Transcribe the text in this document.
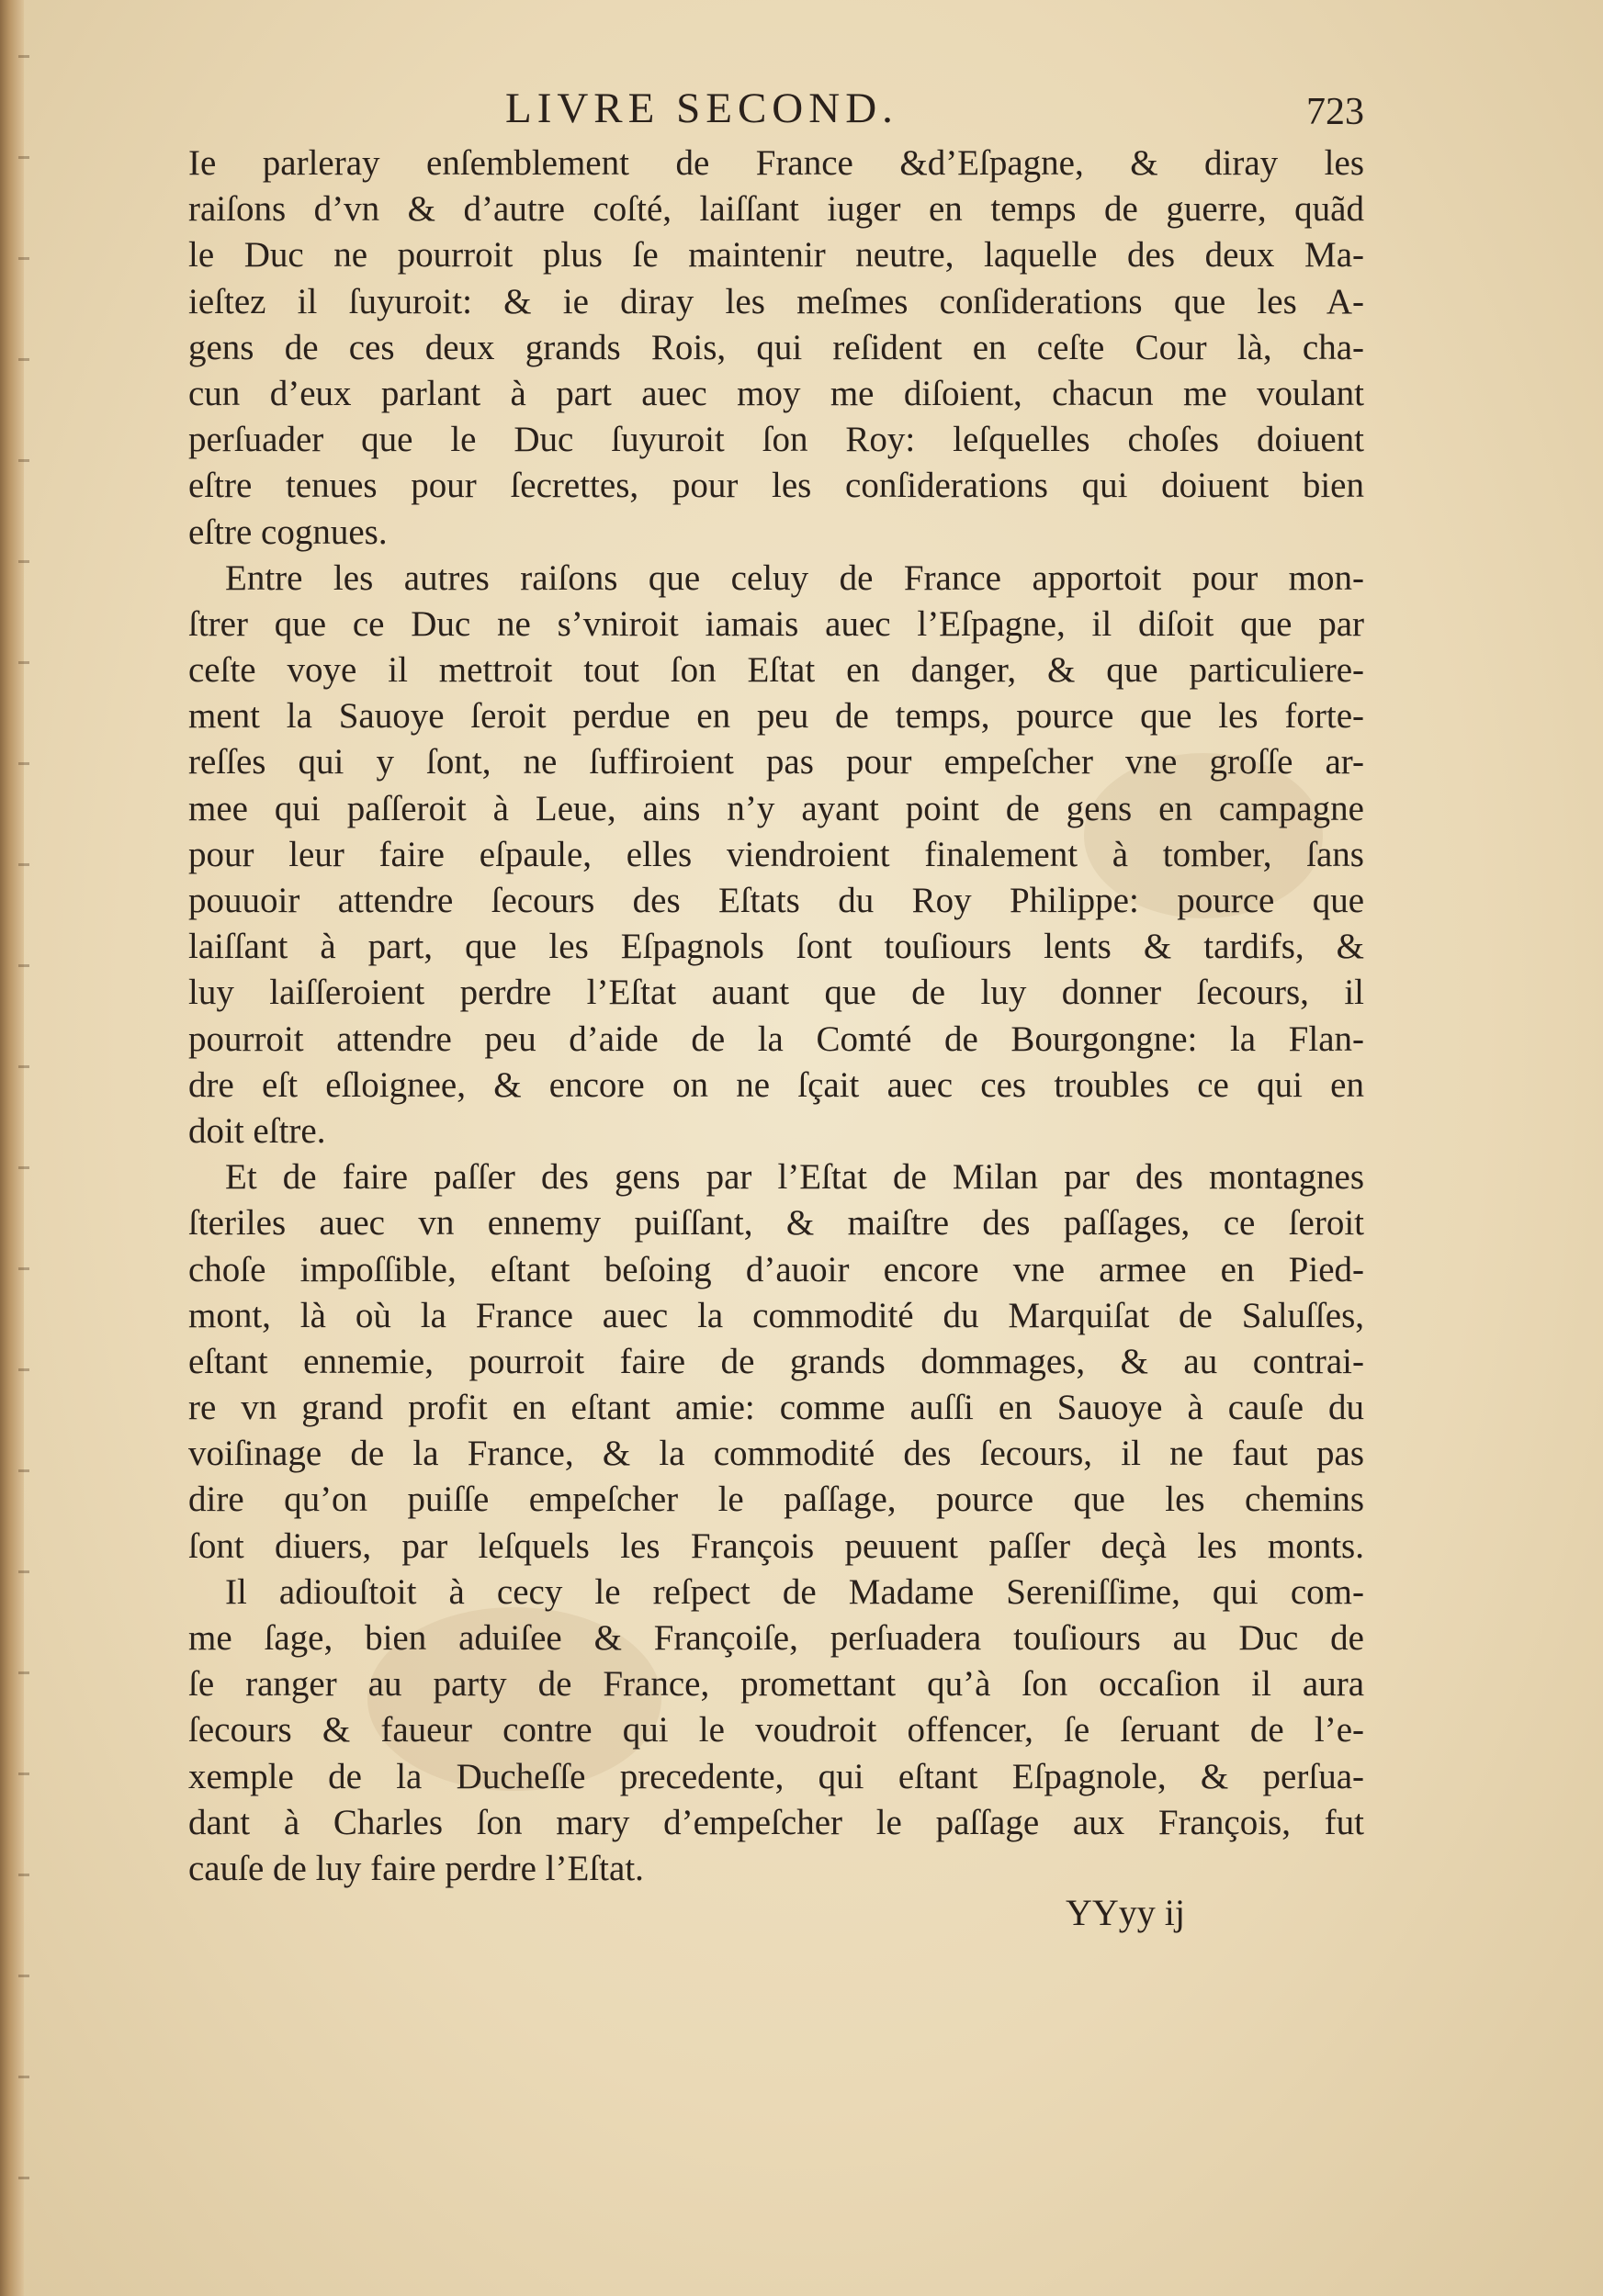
LIVRE SECOND.	723
Ie parleray enſemblement de France &d’Eſpagne, & diray les
raiſons d’vn & d’autre coſté, laiſſant iuger en temps de guerre, quãd
le Duc ne pourroit plus ſe maintenir neutre, laquelle des deux Ma-
ieſtez il ſuyuroit: & ie diray les meſmes conſiderations que les A-
gens de ces deux grands Rois, qui reſident en ceſte Cour là, cha-
cun d’eux parlant à part auec moy me diſoient, chacun me voulant
perſuader que le Duc ſuyuroit ſon Roy: leſquelles choſes doiuent
eſtre tenues pour ſecrettes, pour les conſiderations qui doiuent bien
eſtre cognues.
Entre les autres raiſons que celuy de France apportoit pour mon-
ſtrer que ce Duc ne s’vniroit iamais auec l’Eſpagne, il diſoit que par
ceſte voye il mettroit tout ſon Eſtat en danger, & que particuliere-
ment la Sauoye ſeroit perdue en peu de temps, pource que les forte-
reſſes qui y ſont, ne ſuffiroient pas pour empeſcher vne groſſe ar-
mee qui paſſeroit à Leue, ains n’y ayant point de gens en campagne
pour leur faire eſpaule, elles viendroient finalement à tomber, ſans
pouuoir attendre ſecours des Eſtats du Roy Philippe: pource que
laiſſant à part, que les Eſpagnols ſont touſiours lents & tardifs, &
luy laiſſeroient perdre l’Eſtat auant que de luy donner ſecours, il
pourroit attendre peu d’aide de la Comté de Bourgongne: la Flan-
dre eſt eſloignee, & encore on ne ſçait auec ces troubles ce qui en
doit eſtre.
Et de faire paſſer des gens par l’Eſtat de Milan par des montagnes
ſteriles auec vn ennemy puiſſant, & maiſtre des paſſages, ce ſeroit
choſe impoſſible, eſtant beſoing d’auoir encore vne armee en Pied-
mont, là où la France auec la commodité du Marquiſat de Saluſſes,
eſtant ennemie, pourroit faire de grands dommages, & au contrai-
re vn grand profit en eſtant amie: comme auſſi en Sauoye à cauſe du
voiſinage de la France, & la commodité des ſecours, il ne faut pas
dire qu’on puiſſe empeſcher le paſſage, pource que les chemins
ſont diuers, par leſquels les François peuuent paſſer deçà les monts.
Il adiouſtoit à cecy le reſpect de Madame Sereniſſime, qui com-
me ſage, bien aduiſee & Françoiſe, perſuadera touſiours au Duc de
ſe ranger au party de France, promettant qu’à ſon occaſion il aura
ſecours & faueur contre qui le voudroit offencer, ſe ſeruant de l’e-
xemple de la Ducheſſe precedente, qui eſtant Eſpagnole, & perſua-
dant à Charles ſon mary d’empeſcher le paſſage aux François, fut
cauſe de luy faire perdre l’Eſtat.
YYyy ij
